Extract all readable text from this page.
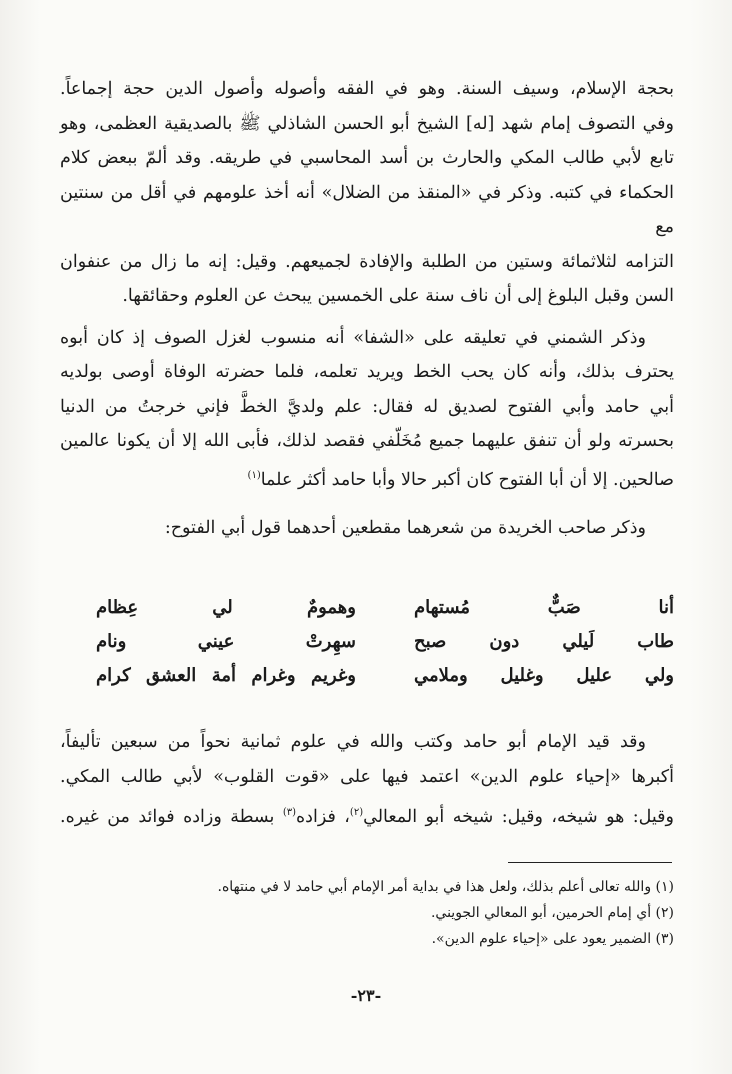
بحجة الإسلام، وسيف السنة. وهو في الفقه وأصوله وأصول الدين حجة إجماعاً.

وفي التصوف إمام شهد [له] الشيخ أبو الحسن الشاذلي ﷺ بالصديقية العظمى، وهو

تابع لأبي طالب المكي والحارث بن أسد المحاسبي في طريقه. وقد ألمّ ببعض كلام

الحكماء في كتبه. وذكر في «المنقذ من الضلال» أنه أخذ علومهم في أقل من سنتين مع

التزامه لثلاثمائة وستين من الطلبة والإفادة لجميعهم. وقيل: إنه ما زال من عنفوان

السن وقبل البلوغ إلى أن ناف سنة على الخمسين يبحث عن العلوم وحقائقها.

وذكر الشمني في تعليقه على «الشفا» أنه منسوب لغزل الصوف إذ كان أبوه

يحترف بذلك، وأنه كان يحب الخط ويريد تعلمه، فلما حضرته الوفاة أوصى بولديه

أبي حامد وأبي الفتوح لصديق له فقال: علم ولديَّ الخطَّ فإني خرجتُ من الدنيا

بحسرته ولو أن تنفق عليهما جميع مُخَلّفي فقصد لذلك، فأبى الله إلا أن يكونا عالمين

صالحين. إلا أن أبا الفتوح كان أكبر حالا وأبا حامد أكثر علما$^{(١)}$

وذكر صاحب الخريدة من شعرهما مقطعين أحدهما قول أبي الفتوح:

أنا صَبٌّ مُستهام
وهمومٌ لي عِظام
طاب لَيلي دون صبح
سهِرتْ عيني ونام
ولي عليل وغليل وملامي
وغريم وغرام أمة العشق كرام

وقد قيد الإمام أبو حامد وكتب والله في علوم ثمانية نحواً من سبعين تأليفاً،

أكبرها «إحياء علوم الدين» اعتمد فيها على «قوت القلوب» لأبي طالب المكي.

وقيل: هو شيخه، وقيل: شيخه أبو المعالي$^{(٢)}$، فزاده$^{(٣)}$ بسطة وزاده فوائد من غيره.

(١) والله تعالى أعلم بذلك، ولعل هذا في بداية أمر الإمام أبي حامد لا في منتهاه.

(٢) أي إمام الحرمين، أبو المعالي الجويني.

(٣) الضمير يعود على «إحياء علوم الدين».

-٢٣-
